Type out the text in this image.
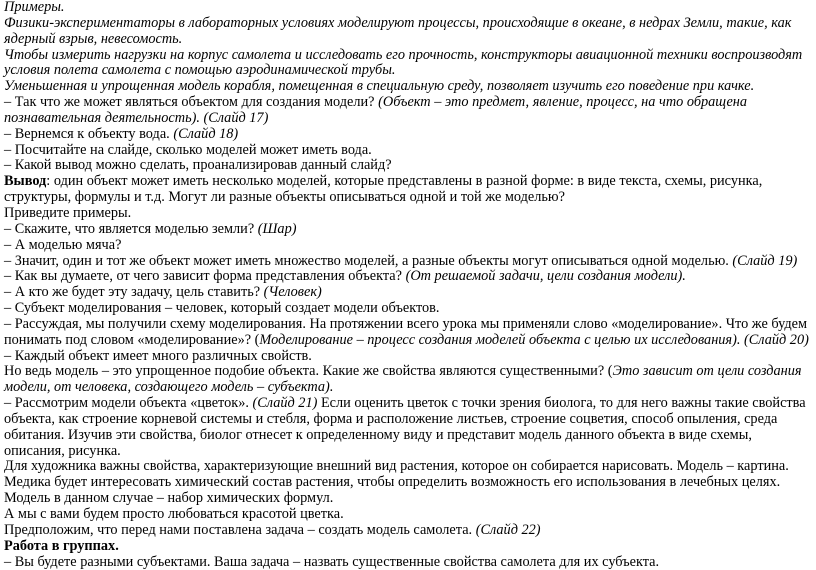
Примеры.

Физики-экспериментаторы в лабораторных условиях моделируют процессы, происходящие в океане, в недрах Земли, такие, как ядерный взрыв, невесомость.

Чтобы измерить нагрузки на корпус самолета и исследовать его прочность, конструкторы авиационной техники воспроизводят условия полета самолета с помощью аэродинамической трубы.

Уменьшенная и упрощенная модель корабля, помещенная в специальную среду, позволяет изучить его поведение при качке.

– Так что же может являться объектом для создания модели? (Объект – это предмет, явление, процесс, на что обращена познавательная деятельность). (Слайд 17)

– Вернемся к объекту вода. (Слайд 18)

– Посчитайте на слайде, сколько моделей может иметь вода.

– Какой вывод можно сделать, проанализировав данный слайд?

Вывод: один объект может иметь несколько моделей, которые представлены в разной форме: в виде текста, схемы, рисунка, структуры, формулы и т.д. Могут ли разные объекты описываться одной и той же моделью?

Приведите примеры.

– Скажите, что является моделью земли? (Шар)

– А моделью мяча?

– Значит, один и тот же объект может иметь множество моделей, а разные объекты могут описываться одной моделью. (Слайд 19)

– Как вы думаете, от чего зависит форма представления объекта? (От решаемой задачи, цели создания модели).

– А кто же будет эту задачу, цель ставить? (Человек)

– Субъект моделирования – человек, который создает модели объектов.

– Рассуждая, мы получили схему моделирования. На протяжении всего урока мы применяли слово «моделирование». Что же будем понимать под словом «моделирование»? (Моделирование – процесс создания моделей объекта с целью их исследования). (Слайд 20)

– Каждый объект имеет много различных свойств.

Но ведь модель – это упрощенное подобие объекта. Какие же свойства являются существенными? (Это зависит от цели создания модели, от человека, создающего модель – субъекта).

– Рассмотрим модели объекта «цветок». (Слайд 21) Если оценить цветок с точки зрения биолога, то для него важны такие свойства объекта, как строение корневой системы и стебля, форма и расположение листьев, строение соцветия, способ опыления, среда обитания. Изучив эти свойства, биолог отнесет к определенному виду и представит модель данного объекта в виде схемы, описания, рисунка.

Для художника важны свойства, характеризующие внешний вид растения, которое он собирается нарисовать. Модель – картина.

Медика будет интересовать химический состав растения, чтобы определить возможность его использования в лечебных целях. Модель в данном случае – набор химических формул.

А мы с вами будем просто любоваться красотой цветка.

Предположим, что перед нами поставлена задача – создать модель самолета. (Слайд 22)

Работа в группах.

– Вы будете разными субъектами. Ваша задача – назвать существенные свойства самолета для их субъекта.
